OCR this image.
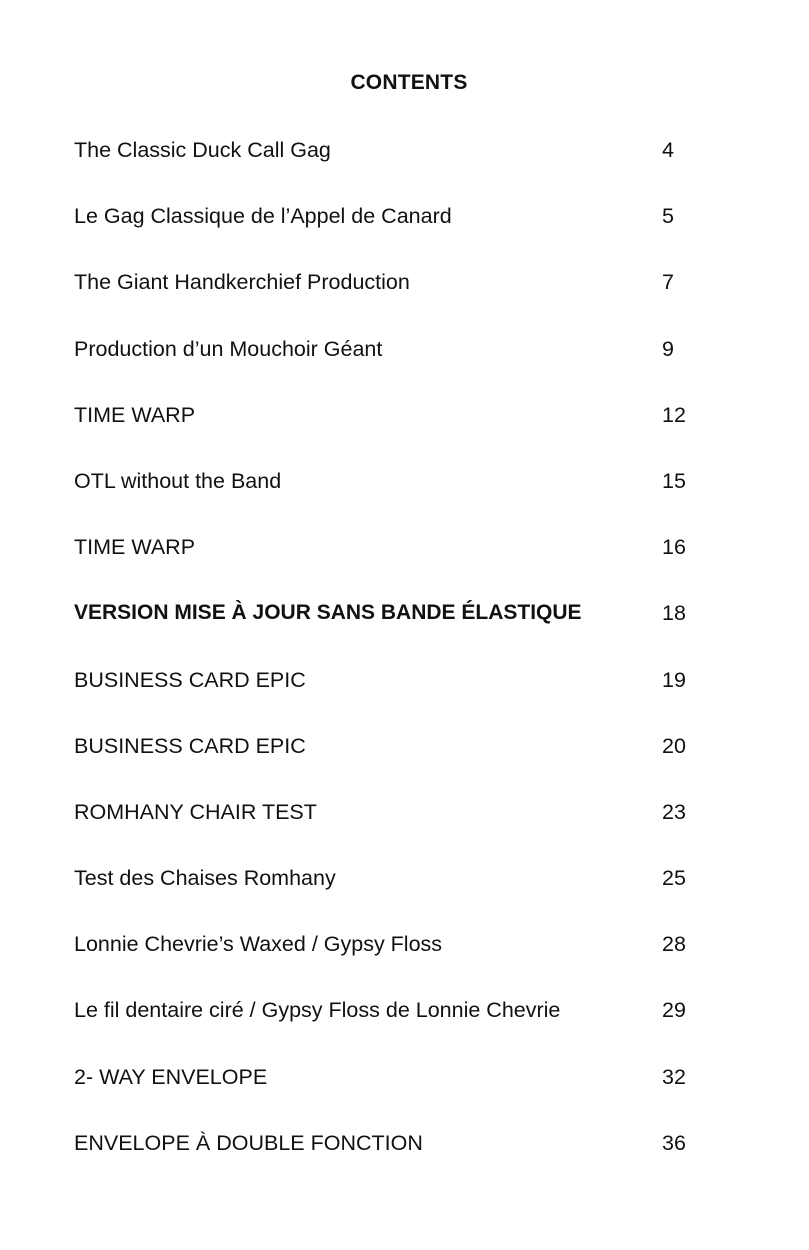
CONTENTS
The Classic Duck Call Gag	4
Le Gag Classique de l’Appel de Canard	5
The Giant Handkerchief Production	7
Production d’un Mouchoir Géant	9
TIME WARP	12
OTL without the Band	15
TIME WARP	16
VERSION MISE À JOUR SANS BANDE ÉLASTIQUE	18
BUSINESS CARD EPIC	19
BUSINESS CARD EPIC	20
ROMHANY CHAIR TEST	23
Test des Chaises Romhany	25
Lonnie Chevrie’s Waxed / Gypsy Floss	28
Le fil dentaire ciré / Gypsy Floss de Lonnie Chevrie	29
2- WAY ENVELOPE	32
ENVELOPE À DOUBLE FONCTION	36
